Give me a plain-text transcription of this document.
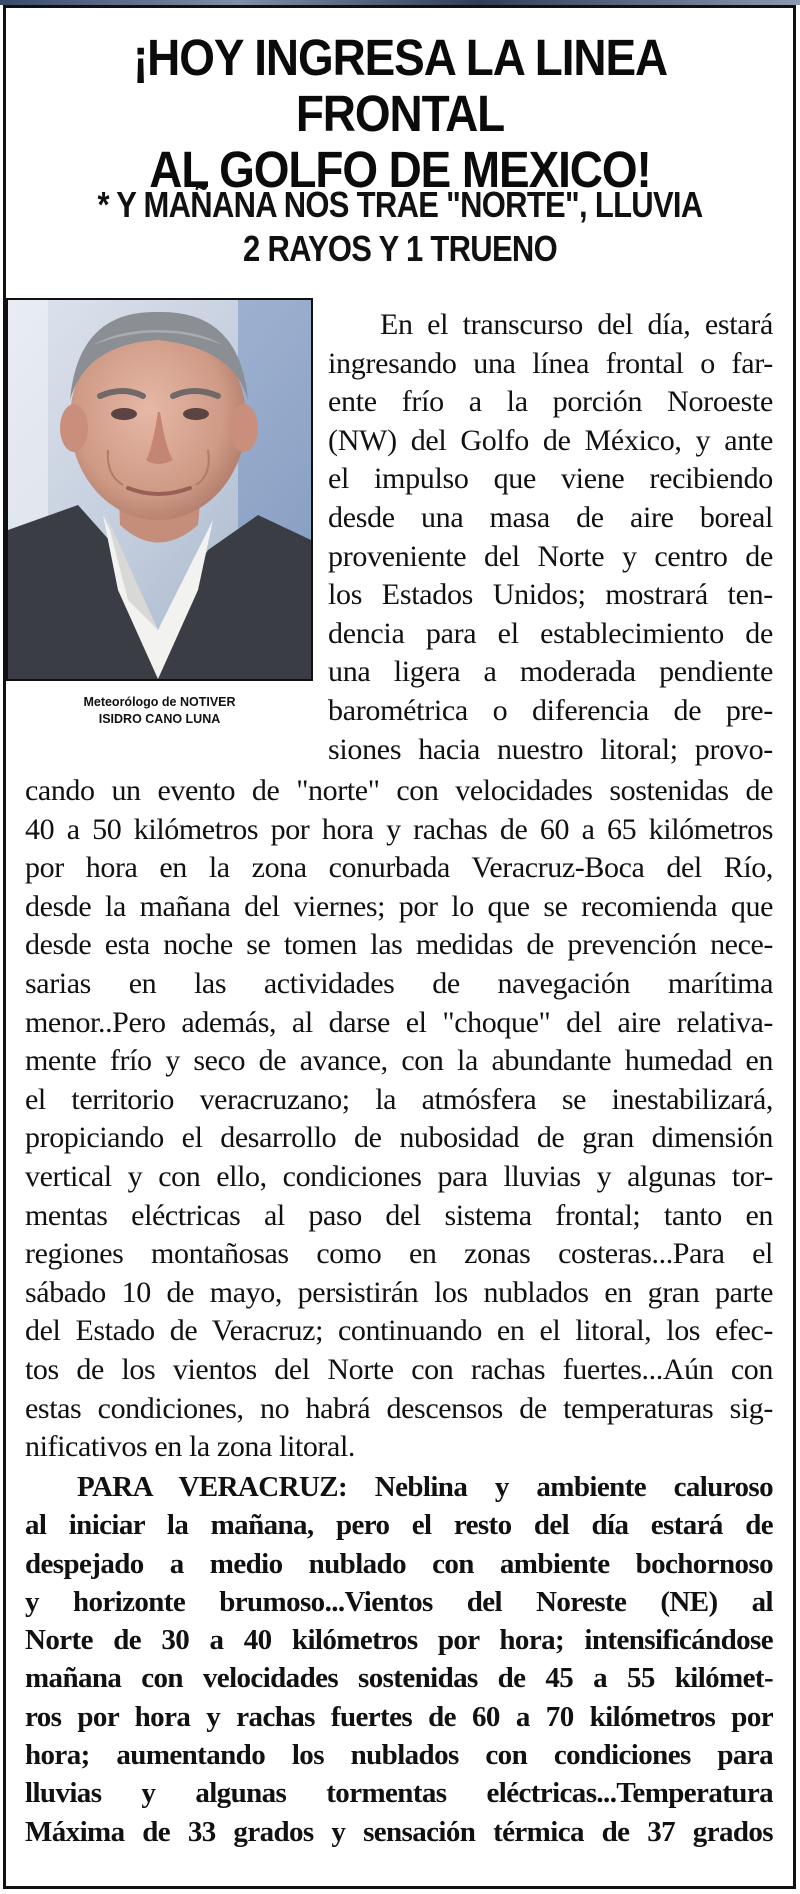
¡HOY INGRESA LA LINEA FRONTAL
AL GOLFO DE MEXICO!
* Y MAÑANA NOS TRAE "NORTE", LLUVIA
2 RAYOS Y 1 TRUENO
Meteorólogo de NOTIVER
ISIDRO CANO LUNA
En el transcurso del día, estará
ingresando una línea frontal o far-
ente frío a la porción Noroeste
(NW) del Golfo de México, y ante
el impulso que viene recibiendo
desde una masa de aire boreal
proveniente del Norte y centro de
los Estados Unidos; mostrará ten-
dencia para el establecimiento de
una ligera a moderada pendiente
barométrica o diferencia de pre-
siones hacia nuestro litoral; provo-
cando un evento de "norte" con velocidades sostenidas de
40 a 50 kilómetros por hora y rachas de 60 a 65 kilómetros
por hora en la zona conurbada Veracruz-Boca del Río,
desde la mañana del viernes; por lo que se recomienda que
desde esta noche se tomen las medidas de prevención nece-
sarias en las actividades de navegación marítima
menor..Pero además, al darse el "choque" del aire relativa-
mente frío y seco de avance, con la abundante humedad en
el territorio veracruzano; la atmósfera se inestabilizará,
propiciando el desarrollo de nubosidad de gran dimensión
vertical y con ello, condiciones para lluvias y algunas tor-
mentas eléctricas al paso del sistema frontal; tanto en
regiones montañosas como en zonas costeras...Para el
sábado 10 de mayo, persistirán los nublados en gran parte
del Estado de Veracruz; continuando en el litoral, los efec-
tos de los vientos del Norte con rachas fuertes...Aún con
estas condiciones, no habrá descensos de temperaturas sig-
nificativos en la zona litoral.
PARA VERACRUZ: Neblina y ambiente caluroso
al iniciar la mañana, pero el resto del día estará de
despejado a medio nublado con ambiente bochornoso
y horizonte brumoso...Vientos del Noreste (NE) al
Norte de 30 a 40 kilómetros por hora; intensificándose
mañana con velocidades sostenidas de 45 a 55 kilómet-
ros por hora y rachas fuertes de 60 a 70 kilómetros por
hora; aumentando los nublados con condiciones para
lluvias y algunas tormentas eléctricas...Temperatura
Máxima de 33 grados y sensación térmica de 37 grados
